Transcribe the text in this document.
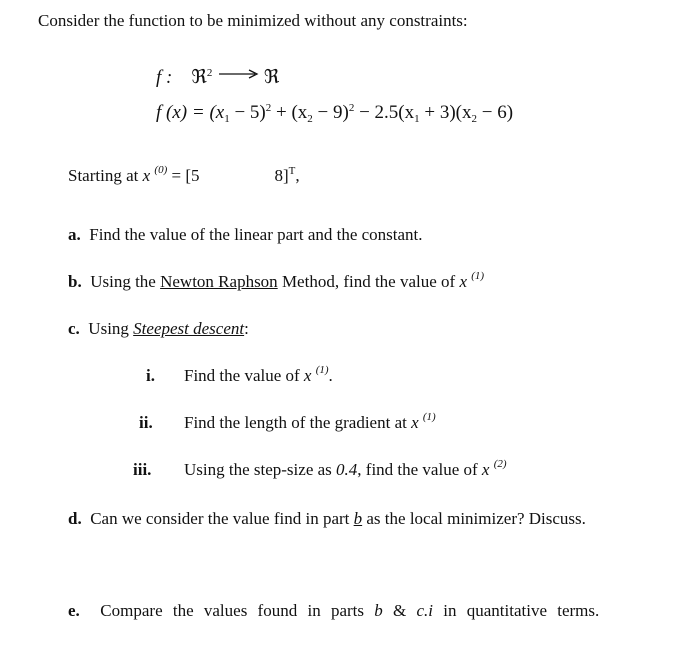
Consider the function to be minimized without any constraints:
f : ℜ$^2$	ℜ
f $(x) = (x_1 - 5)^2 + (x_2 - 9)^2 - 2.5(x_1 + 3)(x_2 - 6)$
Starting at x $^{(0)}$ = [5	8]$^T$,
a. Find the value of the linear part and the constant.
b. Using the Newton Raphson Method, find the value of x $^{(1)}$
c. Using Steepest descent:
i. Find the value of x $^{(1)}$.
ii. Find the length of the gradient at x $^{(1)}$
iii. Using the step-size as 0.4, find the value of x $^{(2)}$
d. Can we consider the value find in part b as the local minimizer? Discuss.
e. Compare the values found in parts b & c.i in quantitative terms.
